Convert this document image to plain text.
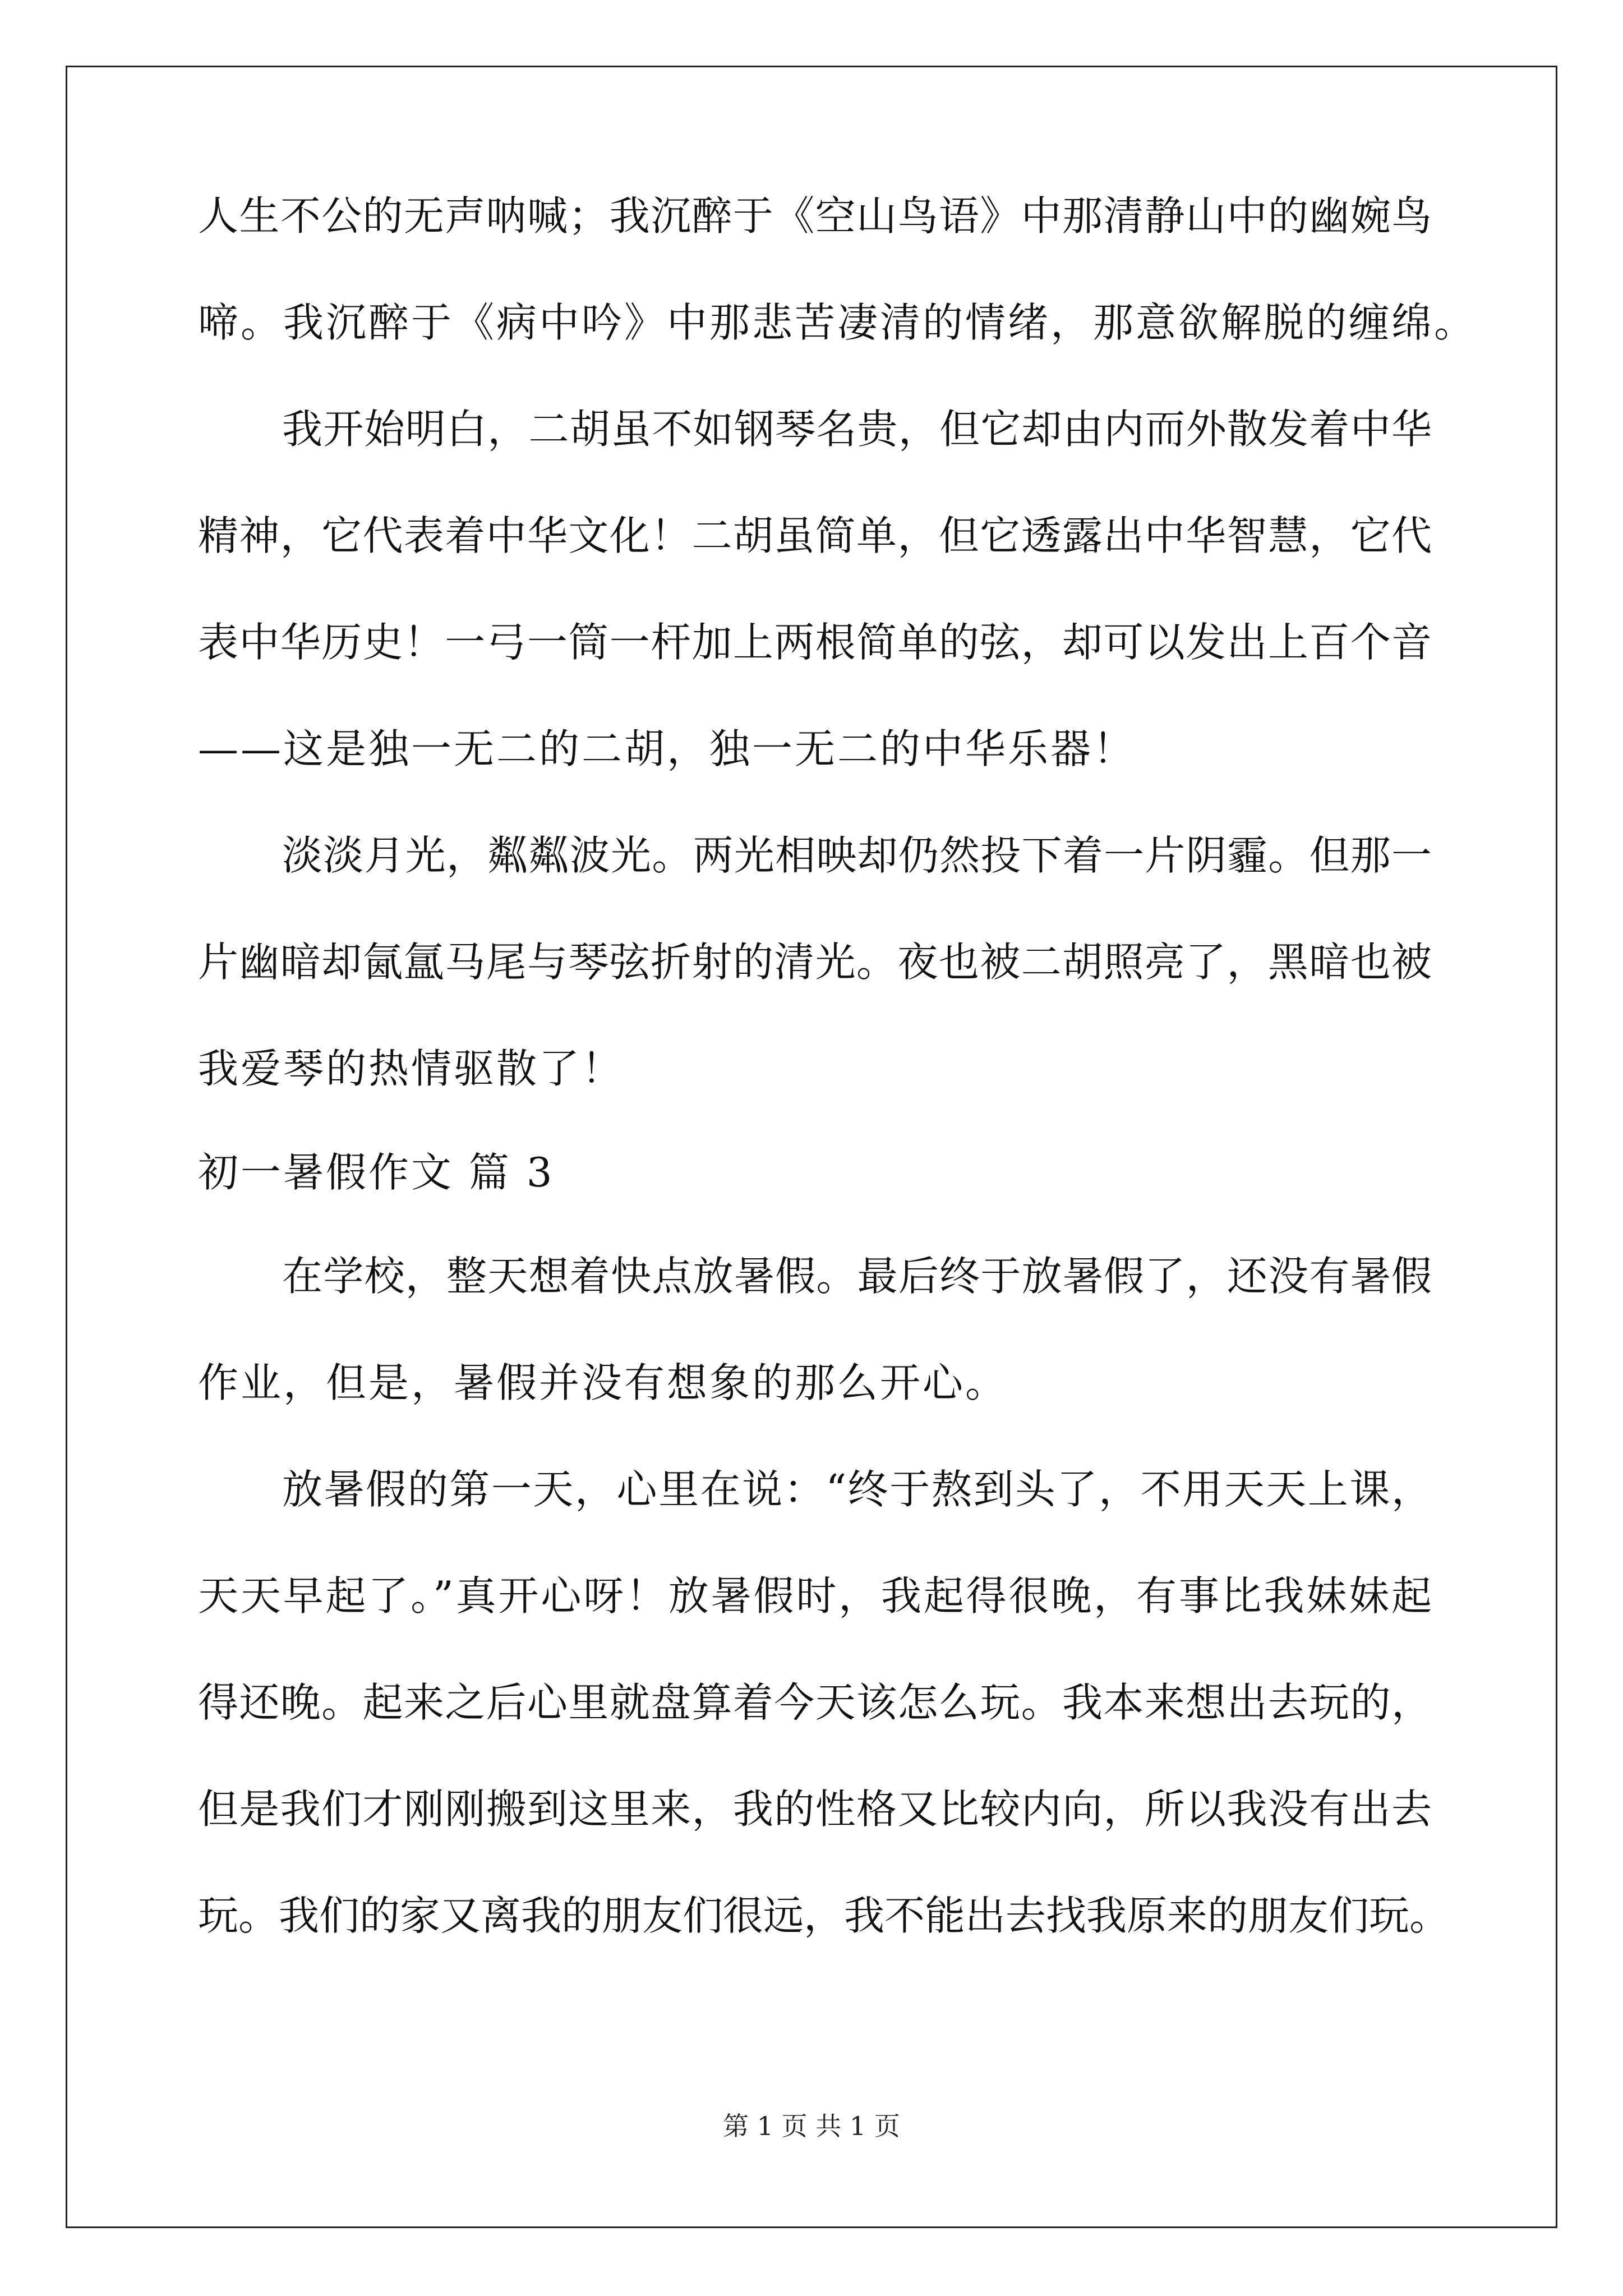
人生不公的无声呐喊；我沉醉于《空山鸟语》中那清静山中的幽婉鸟
啼。我沉醉于《病中吟》中那悲苦凄清的情绪，那意欲解脱的缠绵。
我开始明白，二胡虽不如钢琴名贵，但它却由内而外散发着中华
精神，它代表着中华文化！二胡虽简单，但它透露出中华智慧，它代
表中华历史！一弓一筒一杆加上两根简单的弦，却可以发出上百个音
——这是独一无二的二胡，独一无二的中华乐器！
淡淡月光，粼粼波光。两光相映却仍然投下着一片阴霾。但那一
片幽暗却氤氲马尾与琴弦折射的清光。夜也被二胡照亮了，黑暗也被
我爱琴的热情驱散了！
初一暑假作文 篇 3
在学校，整天想着快点放暑假。最后终于放暑假了，还没有暑假
作业，但是，暑假并没有想象的那么开心。
放暑假的第一天，心里在说：“终于熬到头了，不用天天上课，
天天早起了。”真开心呀！放暑假时，我起得很晚，有事比我妹妹起
得还晚。起来之后心里就盘算着今天该怎么玩。我本来想出去玩的，
但是我们才刚刚搬到这里来，我的性格又比较内向，所以我没有出去
玩。我们的家又离我的朋友们很远，我不能出去找我原来的朋友们玩。
第 1 页 共 1 页
